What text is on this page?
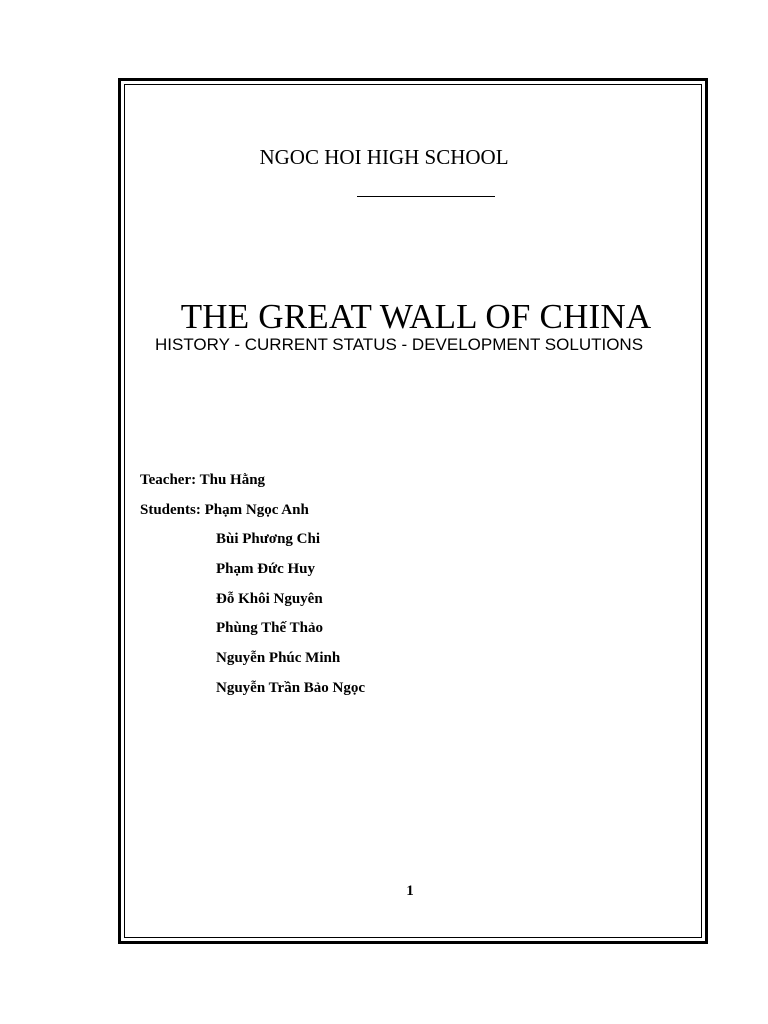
NGOC HOI HIGH SCHOOL
THE GREAT WALL OF CHINA
HISTORY - CURRENT STATUS - DEVELOPMENT SOLUTIONS
Teacher: Thu Hằng
Students: Phạm Ngọc Anh
Bùi Phương Chi
Phạm Đức Huy
Đỗ Khôi Nguyên
Phùng Thế Thảo
Nguyễn Phúc Minh
Nguyễn Trần Bảo Ngọc
1
